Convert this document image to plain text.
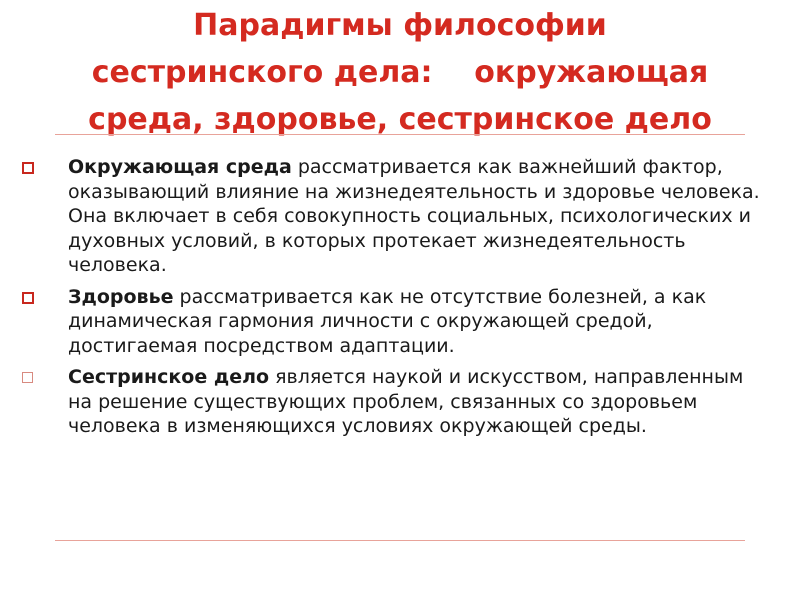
Парадигмы философии
сестринского дела:    окружающая
среда, здоровье, сестринское дело
Окружающая среда рассматривается как важнейший фактор, оказывающий влияние на жизнедеятельность и здоровье человека. Она включает в себя совокупность социальных, психологических и духовных условий, в которых протекает жизнедеятельность человека.
Здоровье рассматривается как не отсутствие болезней, а как динамическая гармония личности с окружающей средой, достигаемая посредством адаптации.
Сестринское дело является наукой и искусством, направленным на решение существующих проблем, связанных со здоровьем человека в изменяющихся условиях окружающей среды.
